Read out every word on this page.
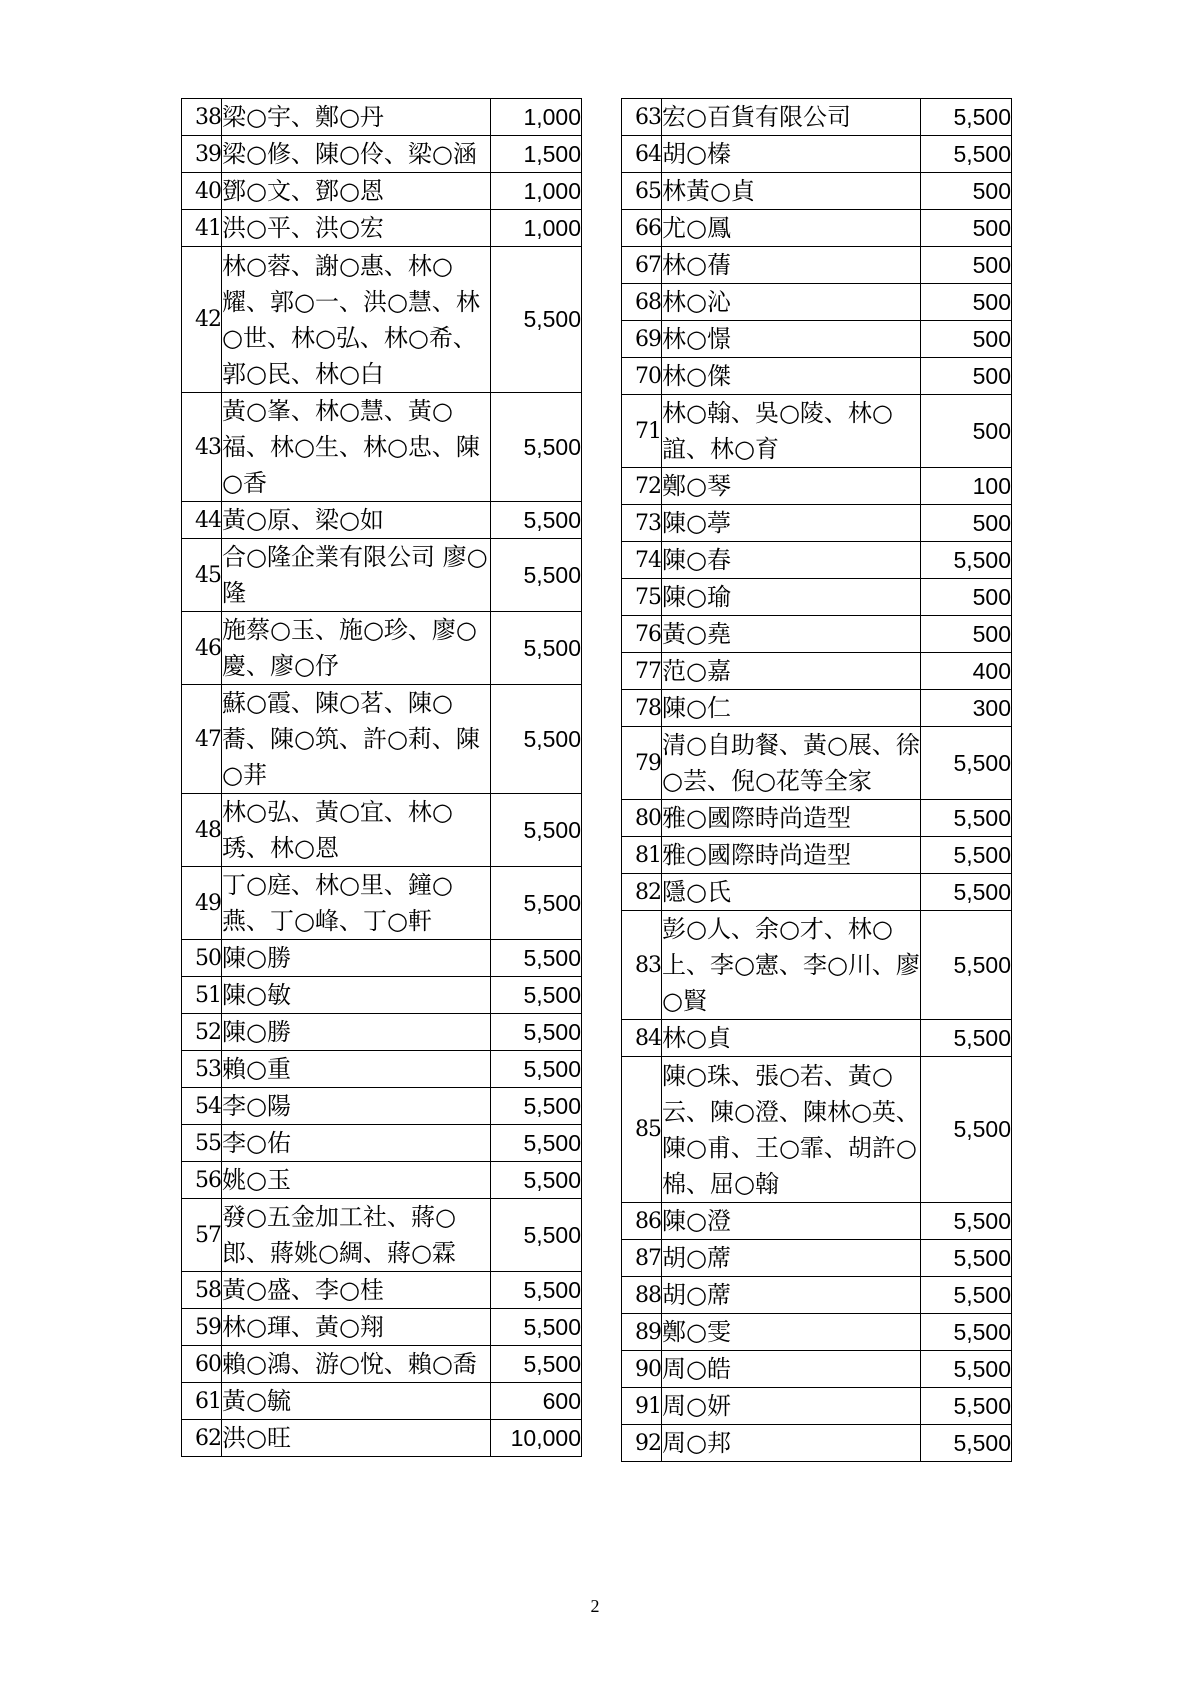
38	梁○宇、鄭○丹	1,000
39	梁○修、陳○伶、梁○涵	1,500
40	鄧○文、鄧○恩	1,000
41	洪○平、洪○宏	1,000
42	林○蓉、謝○惠、林○耀、郭○一、洪○慧、林○世、林○弘、林○希、郭○民、林○白	5,500
43	黃○峯、林○慧、黃○福、林○生、林○忠、陳○香	5,500
44	黃○原、梁○如	5,500
45	合○隆企業有限公司 廖○隆	5,500
46	施蔡○玉、施○珍、廖○慶、廖○伃	5,500
47	蘇○霞、陳○茗、陳○蕎、陳○筑、許○莉、陳○荓	5,500
48	林○弘、黃○宜、林○琇、林○恩	5,500
49	丁○庭、林○里、鐘○燕、丁○峰、丁○軒	5,500
50	陳○勝	5,500
51	陳○敏	5,500
52	陳○勝	5,500
53	賴○重	5,500
54	李○陽	5,500
55	李○佑	5,500
56	姚○玉	5,500
57	發○五金加工社、蔣○郎、蔣姚○綢、蔣○霖	5,500
58	黃○盛、李○桂	5,500
59	林○琿、黃○翔	5,500
60	賴○鴻、游○悅、賴○喬	5,500
61	黃○毓	600
62	洪○旺	10,000
63	宏○百貨有限公司	5,500
64	胡○榛	5,500
65	林黃○貞	500
66	尤○鳳	500
67	林○蒨	500
68	林○沁	500
69	林○憬	500
70	林○傑	500
71	林○翰、吳○陵、林○誼、林○育	500
72	鄭○琴	100
73	陳○葶	500
74	陳○春	5,500
75	陳○瑜	500
76	黃○堯	500
77	范○嘉	400
78	陳○仁	300
79	清○自助餐、黃○展、徐○芸、倪○花等全家	5,500
80	雅○國際時尚造型	5,500
81	雅○國際時尚造型	5,500
82	隱○氏	5,500
83	彭○人、余○才、林○上、李○憲、李○川、廖○賢	5,500
84	林○貞	5,500
85	陳○珠、張○若、黃○云、陳○澄、陳林○英、陳○甫、王○霏、胡許○棉、屈○翰	5,500
86	陳○澄	5,500
87	胡○蓆	5,500
88	胡○蓆	5,500
89	鄭○雯	5,500
90	周○皓	5,500
91	周○妍	5,500
92	周○邦	5,500
2
